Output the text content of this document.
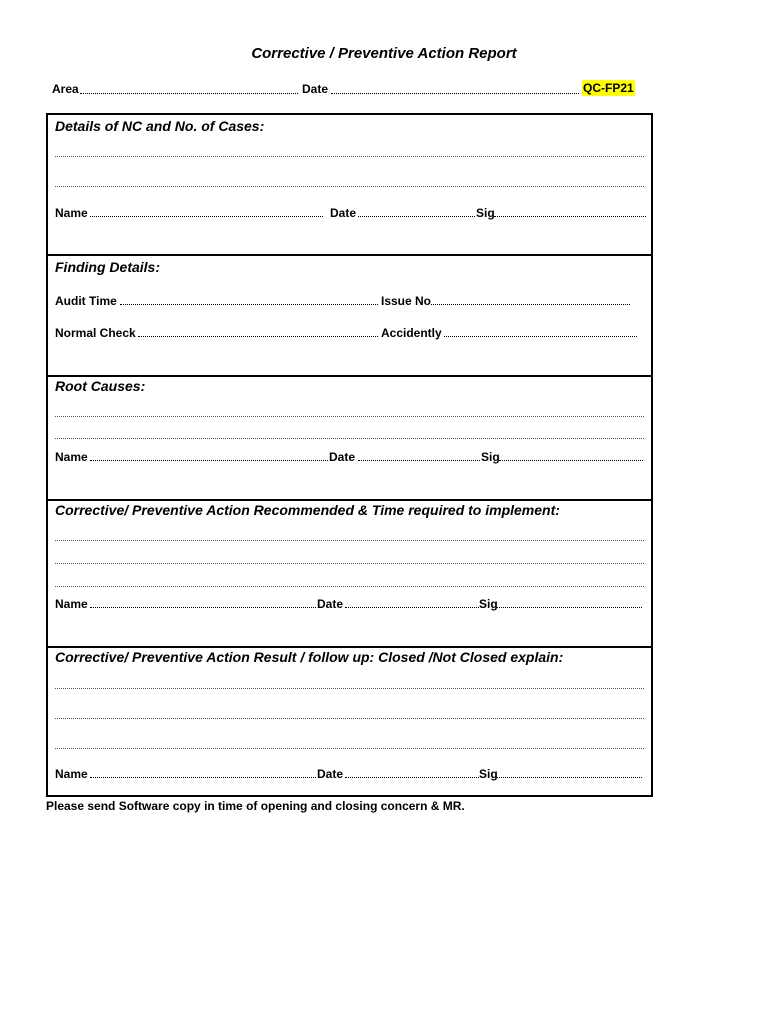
Corrective / Preventive Action Report
Area	Date	QC-FP21
Details of NC and No. of Cases:
Name	Date	Sig
Finding Details:
Audit Time	Issue No
Normal Check	Accidently
Root Causes:
Name	Date	Sig
Corrective/ Preventive Action Recommended & Time required to implement:
Name	Date	Sig
Corrective/ Preventive Action Result / follow up: Closed /Not Closed explain:
Name	Date	Sig
Please send Software copy in time of opening and closing concern & MR.
